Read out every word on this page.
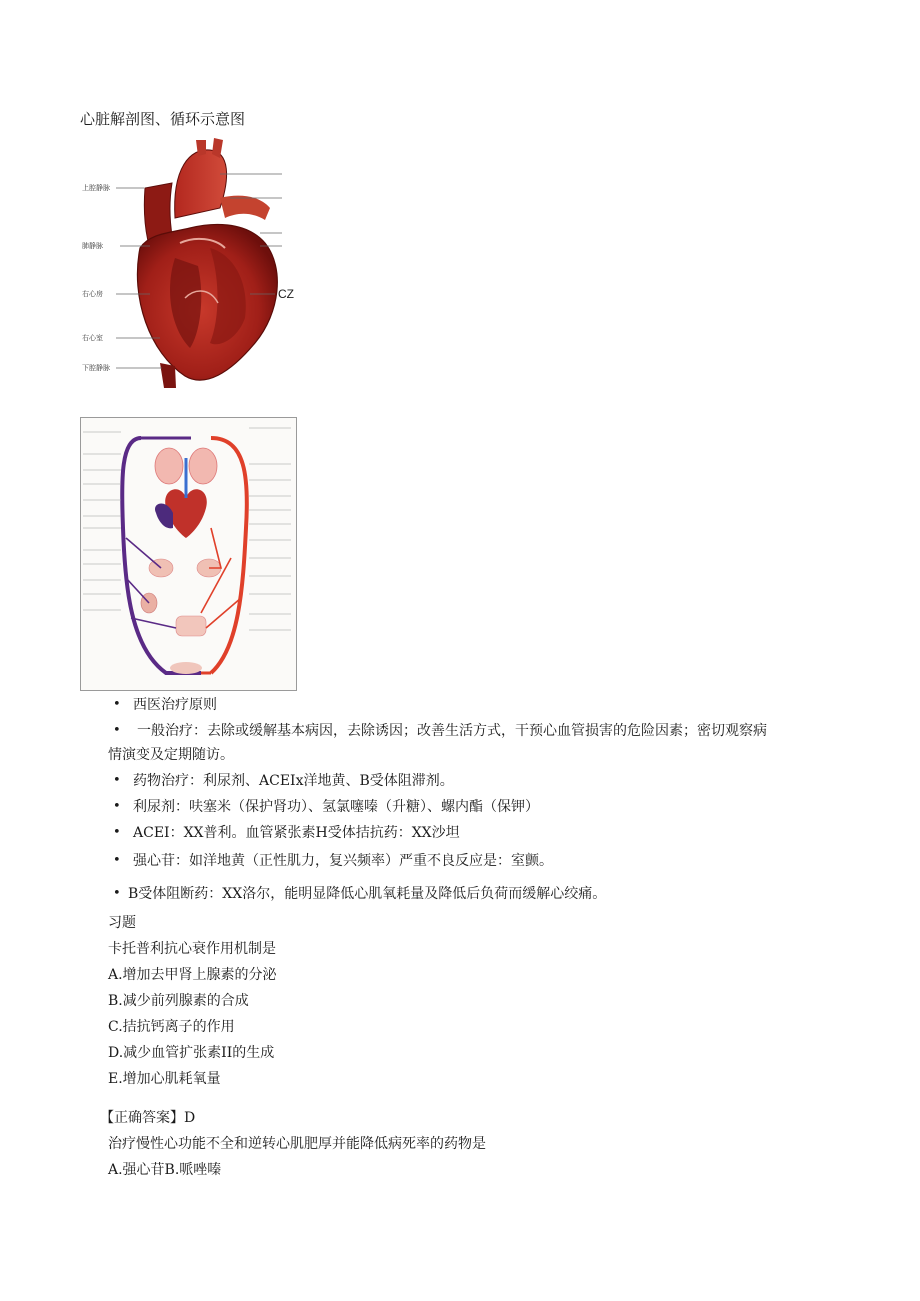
心脏解剖图、循环示意图
上腔静脉
肺静脉
右心房
右心室
下腔静脉
CZ
• 西医治疗原则
• 一般治疗：去除或缓解基本病因，去除诱因；改善生活方式，干预心血管损害的危险因素；密切观察病
情演变及定期随访。
• 药物治疗：利尿剂、ACEIx洋地黄、B受体阻滞剂。
• 利尿剂：呋塞米（保护肾功）、氢氯噻嗪（升糖）、螺内酯（保钾）
• ACEI：XX普利。血管紧张素H受体拮抗药：XX沙坦
• 强心苷：如洋地黄（正性肌力，复兴频率）严重不良反应是：室颤。
• B受体阻断药：XX洛尔，能明显降低心肌氧耗量及降低后负荷而缓解心绞痛。
习题
卡托普利抗心衰作用机制是
A.增加去甲肾上腺素的分泌
B.减少前列腺素的合成
C.拮抗钙离子的作用
D.减少血管扩张素II的生成
E.增加心肌耗氧量
【正确答案】D
治疗慢性心功能不全和逆转心肌肥厚并能降低病死率的药物是
A.强心苷B.哌唑嗪
